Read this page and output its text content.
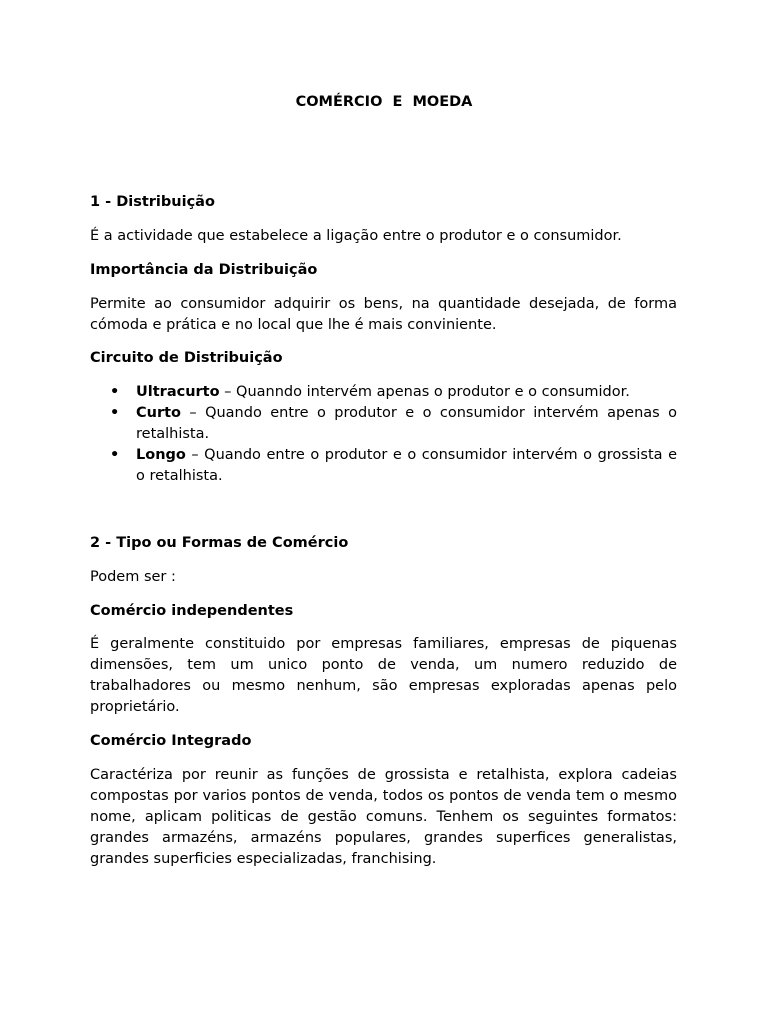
COMÉRCIO  E  MOEDA
1 - Distribuição
É a actividade que estabelece a ligação entre o produtor e o consumidor.
Importância da Distribuição
Permite ao consumidor adquirir os bens, na quantidade desejada, de forma cómoda e prática e no local que lhe é mais conviniente.
Circuito de Distribuição
• Ultracurto – Quanndo intervém apenas o produtor e o consumidor.
• Curto – Quando entre o produtor e o consumidor intervém apenas o retalhista.
• Longo – Quando entre o produtor e o consumidor intervém o grossista e o retalhista.
2 - Tipo ou Formas de Comércio
Podem ser :
Comércio independentes
É geralmente constituido por empresas familiares, empresas de piquenas dimensões, tem um unico ponto de venda, um numero reduzido de trabalhadores ou mesmo nenhum, são empresas exploradas apenas pelo proprietário.
Comércio Integrado
Caractériza por reunir as funções de grossista e retalhista, explora cadeias compostas por varios pontos de venda, todos os pontos de venda tem o mesmo nome, aplicam politicas de gestão comuns. Tenhem os seguintes formatos: grandes armazéns, armazéns populares, grandes superfices generalistas, grandes superficies especializadas, franchising.
